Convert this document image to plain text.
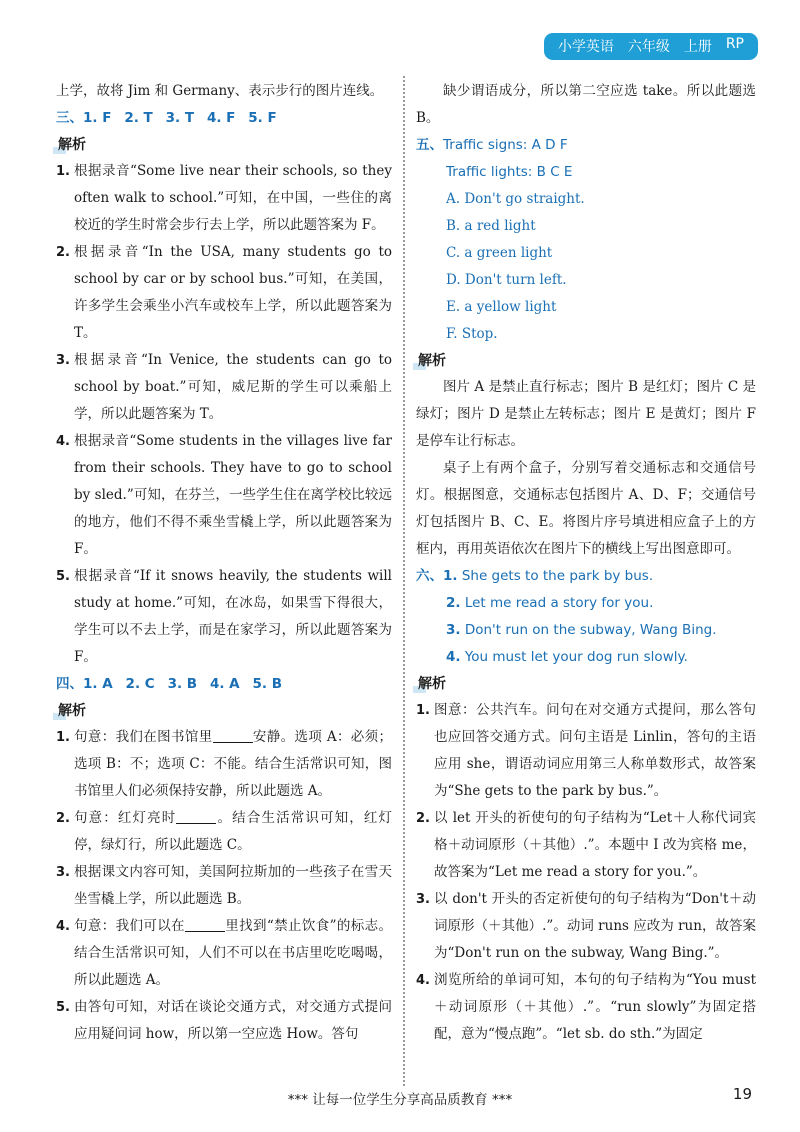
小学英语 六年级 上册 RP

上学，故将 Jim 和 Germany、表示步行的图片连线。

三、1. F 2. T 3. T 4. F 5. F
解析
1. 根据录音“Some live near their schools, so they often walk to school.”可知，在中国，一些住的离校近的学生时常会步行去上学，所以此题答案为 F。
2. 根据录音“In the USA, many students go to school by car or by school bus.”可知，在美国，许多学生会乘坐小汽车或校车上学，所以此题答案为 T。
3. 根据录音“In Venice, the students can go to school by boat.”可知，威尼斯的学生可以乘船上学，所以此题答案为 T。
4. 根据录音“Some students in the villages live far from their schools. They have to go to school by sled.”可知，在芬兰，一些学生住在离学校比较远的地方，他们不得不乘坐雪橇上学，所以此题答案为 F。
5. 根据录音“If it snows heavily, the students will study at home.”可知，在冰岛，如果雪下得很大，学生可以不去上学，而是在家学习，所以此题答案为 F。
四、1. A 2. C 3. B 4. A 5. B
解析
1. 句意：我们在图书馆里	安静。选项 A：必须；选项 B：不；选项 C：不能。结合生活常识可知，图书馆里人们必须保持安静，所以此题选 A。
2. 句意：红灯亮时	。结合生活常识可知，红灯停，绿灯行，所以此题选 C。
3. 根据课文内容可知，美国阿拉斯加的一些孩子在雪天坐雪橇上学，所以此题选 B。
4. 句意：我们可以在	里找到“禁止饮食”的标志。结合生活常识可知，人们不可以在书店里吃吃喝喝，所以此题选 A。
5. 由答句可知，对话在谈论交通方式，对交通方式提问应用疑问词 how，所以第一空应选 How。答句

缺少谓语成分，所以第二空应选 take。所以此题选 B。

五、Traffic signs: A D F
Traffic lights: B C E
A. Don't go straight.
B. a red light
C. a green light
D. Don't turn left.
E. a yellow light
F. Stop.
解析

图片 A 是禁止直行标志；图片 B 是红灯；图片 C 是绿灯；图片 D 是禁止左转标志；图片 E 是黄灯；图片 F 是停车让行标志。

桌子上有两个盒子，分别写着交通标志和交通信号灯。根据图意，交通标志包括图片 A、D、F；交通信号灯包括图片 B、C、E。将图片序号填进相应盒子上的方框内，再用英语依次在图片下的横线上写出图意即可。

六、1. She gets to the park by bus.
2. Let me read a story for you.
3. Don't run on the subway, Wang Bing.
4. You must let your dog run slowly.
解析
1. 图意：公共汽车。问句在对交通方式提问，那么答句也应回答交通方式。问句主语是 Linlin，答句的主语应用 she，谓语动词应用第三人称单数形式，故答案为“She gets to the park by bus.”。
2. 以 let 开头的祈使句的句子结构为“Let＋人称代词宾格＋动词原形（＋其他）.”。本题中 I 改为宾格 me，故答案为“Let me read a story for you.”。
3. 以 don't 开头的否定祈使句的句子结构为“Don't＋动词原形（＋其他）.”。动词 runs 应改为 run，故答案为“Don't run on the subway, Wang Bing.”。
4. 浏览所给的单词可知，本句的句子结构为“You must＋动词原形（＋其他）.”。“run slowly”为固定搭配，意为“慢点跑”。“let sb. do sth.”为固定
*** 让每一位学生分享高品质教育 ***	19
